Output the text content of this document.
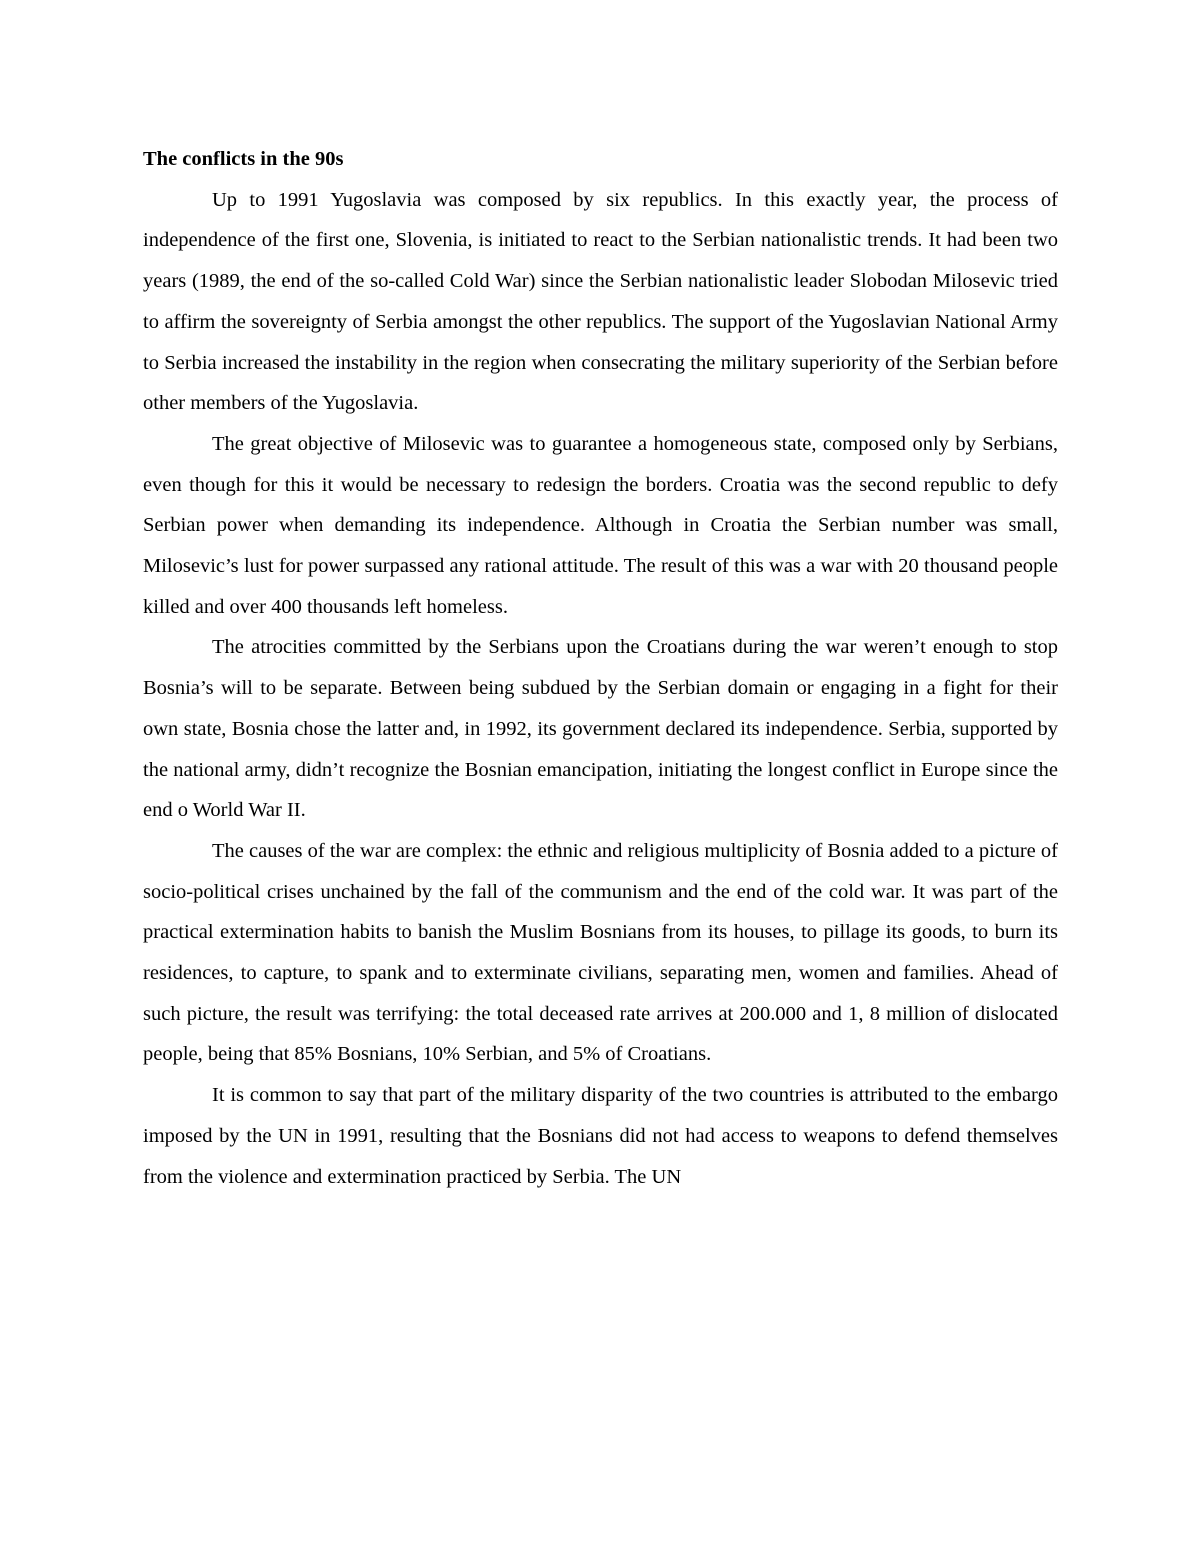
The conflicts in the 90s

Up to 1991 Yugoslavia was composed by six republics. In this exactly year, the process of independence of the first one, Slovenia, is initiated to react to the Serbian nationalistic trends. It had been two years (1989, the end of the so-called Cold War) since the Serbian nationalistic leader Slobodan Milosevic tried to affirm the sovereignty of Serbia amongst the other republics. The support of the Yugoslavian National Army to Serbia increased the instability in the region when consecrating the military superiority of the Serbian before other members of the Yugoslavia.

The great objective of Milosevic was to guarantee a homogeneous state, composed only by Serbians, even though for this it would be necessary to redesign the borders. Croatia was the second republic to defy Serbian power when demanding its independence. Although in Croatia the Serbian number was small, Milosevic’s lust for power surpassed any rational attitude. The result of this was a war with 20 thousand people killed and over 400 thousands left homeless.

The atrocities committed by the Serbians upon the Croatians during the war weren’t enough to stop Bosnia’s will to be separate. Between being subdued by the Serbian domain or engaging in a fight for their own state, Bosnia chose the latter and, in 1992, its government declared its independence. Serbia, supported by the national army, didn’t recognize the Bosnian emancipation, initiating the longest conflict in Europe since the end o World War II.

The causes of the war are complex: the ethnic and religious multiplicity of Bosnia added to a picture of socio-political crises unchained by the fall of the communism and the end of the cold war. It was part of the practical extermination habits to banish the Muslim Bosnians from its houses, to pillage its goods, to burn its residences, to capture, to spank and to exterminate civilians, separating men, women and families. Ahead of such picture, the result was terrifying: the total deceased rate arrives at 200.000 and 1, 8 million of dislocated people, being that 85% Bosnians, 10% Serbian, and 5% of Croatians.

It is common to say that part of the military disparity of the two countries is attributed to the embargo imposed by the UN in 1991, resulting that the Bosnians did not had access to weapons to defend themselves from the violence and extermination practiced by Serbia. The UN
